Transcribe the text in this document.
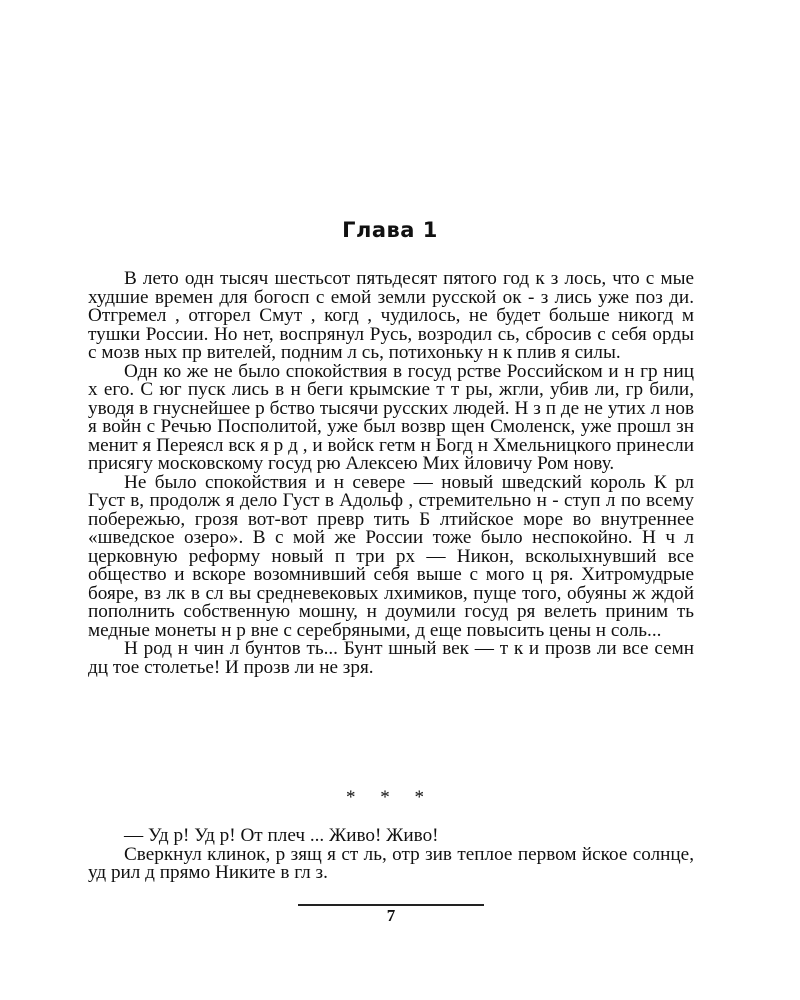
Глава 1

В лето одн тысяч шестьсот пятьдесят пятого год к з лось, что с мые худшие времен для богосп с емой земли русской ок - з лись уже поз ди. Отгремел , отгорел Смут , когд , чудилось, не будет больше никогд м тушки России. Но нет, воспрянул Русь, возродил сь, сбросив с себя орды с мозв ных пр вителей, подним л сь, потихоньку н к плив я силы.

Одн ко же не было спокойствия в госуд рстве Российском и н гр ниц х его. С юг пуск лись в н беги крымские т т ры, жгли, убив ли, гр били, уводя в гнуснейшее р бство тысячи русских людей. Н з п де не утих л нов я войн с Речью Посполитой, уже был возвр щен Смоленск, уже прошл зн менит я Переясл вск я р д , и войск гетм н Богд н Хмельницкого принесли присягу московскому госуд рю Алексею Мих йловичу Ром нову.

Не было спокойствия и н севере — новый шведский король К рл Густ в, продолж я дело Густ в Адольф , стремительно н - ступ л по всему побережью, грозя вот-вот превр тить Б лтийское море во внутреннее «шведское озеро». В с мой же России тоже было неспокойно. Н ч л церковную реформу новый п три рх — Никон, всколыхнувший все общество и вскоре возомнивший себя выше с мого ц ря. Хитромудрые бояре, вз лк в сл вы средневековых лхимиков, пуще того, обуяны ж ждой пополнить собственную мошну, н доумили госуд ря велеть приним ть медные монеты н р вне с серебряными, д еще повысить цены н соль...

Н род н чин л бунтов ть... Бунт шный век — т к и прозв ли все семн дц тое столетье! И прозв ли не зря.

* * *

— Уд р! Уд р! От плеч ... Живо! Живо!

Сверкнул клинок, р зящ я ст ль, отр зив теплое первом йское солнце, уд рил д прямо Никите в гл з.

7
